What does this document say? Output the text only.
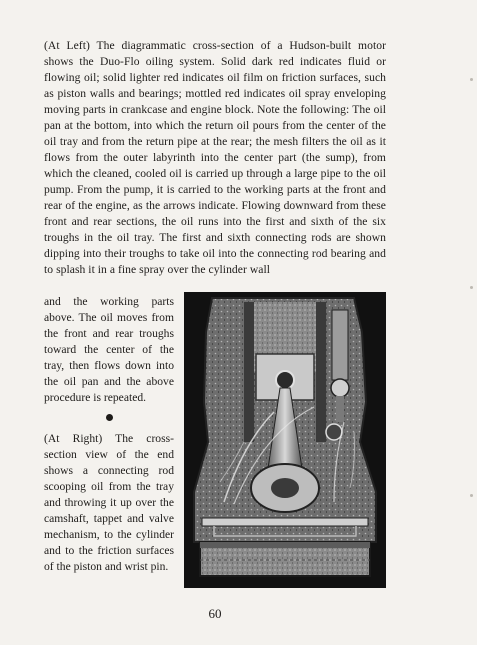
(At Left) The diagrammatic cross-section of a Hudson-built motor shows the Duo-Flo oiling system. Solid dark red indicates fluid or flowing oil; solid lighter red indicates oil film on friction surfaces, such as piston walls and bearings; mottled red indicates oil spray enveloping moving parts in crankcase and engine block. Note the following: The oil pan at the bottom, into which the return oil pours from the center of the oil tray and from the return pipe at the rear; the mesh filters the oil as it flows from the outer labyrinth into the center part (the sump), from which the cleaned, cooled oil is carried up through a large pipe to the oil pump. From the pump, it is carried to the working parts at the front and rear of the engine, as the arrows indicate. Flowing downward from these front and rear sections, the oil runs into the first and sixth of the six troughs in the oil tray. The first and sixth connecting rods are shown dipping into their troughs to take oil into the connecting rod bearing and to splash it in a fine spray over the cylinder wall

and the working parts above. The oil moves from the front and rear troughs toward the center of the tray, then flows down into the oil pan and the above procedure is repeated.

(At Right) The cross-section view of the end shows a connecting rod scooping oil from the tray and throwing it up over the camshaft, tappet and valve mechanism, to the cylinder and to the friction surfaces of the piston and wrist pin.

60
